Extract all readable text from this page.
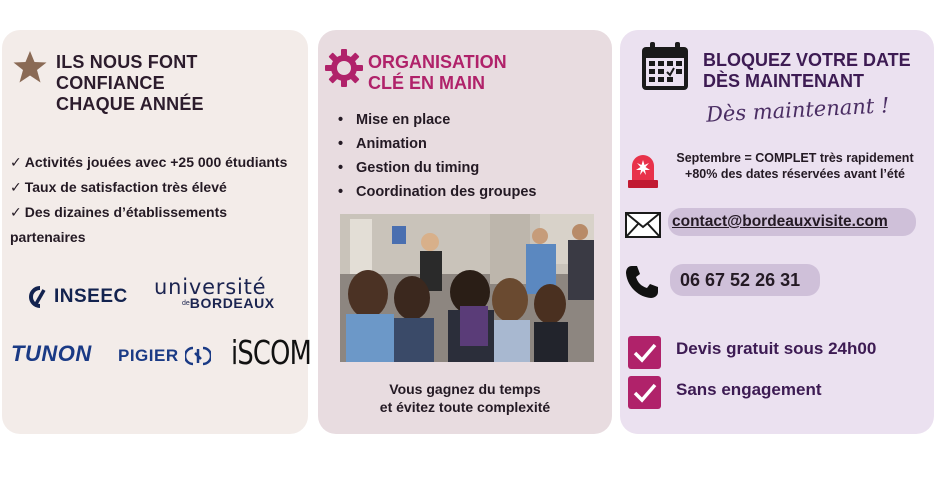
ILS NOUS FONT
CONFIANCE
CHAQUE ANNÉE
✓ Activités jouées avec +25 000 étudiants
✓ Taux de satisfaction très élevé
✓ Des dizaines d’établissements partenaires
INSEEC université
deBORDEAUX
TUNON PIGIER iSCOM
ORGANISATION
CLÉ EN MAIN
• Mise en place
• Animation
• Gestion du timing
• Coordination des groupes
Vous gagnez du temps
et évitez toute complexité
BLOQUEZ VOTRE DATE
DÈS MAINTENANT
Dès maintenant !
Septembre = COMPLET très rapidement
+80% des dates réservées avant l’été
contact@bordeauxvisite.com
06 67 52 26 31
Devis gratuit sous 24h00
Sans engagement
